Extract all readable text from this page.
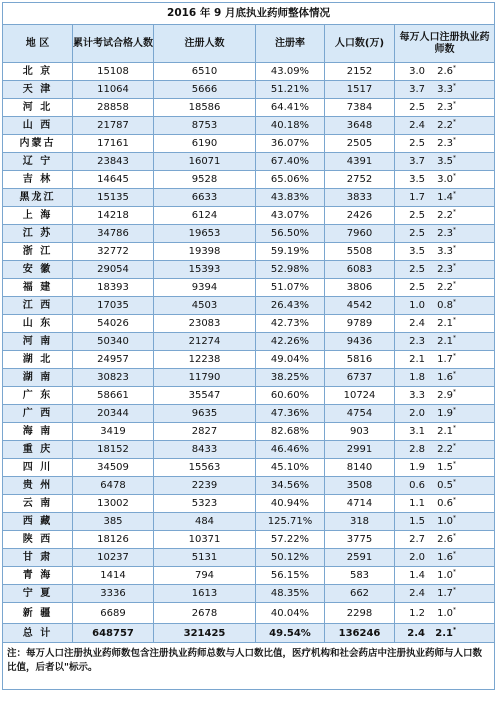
2016 年 9 月底执业药师整体情况					
地 区	累计考试合格人数	注册人数	注册率	人口数(万)	每万人口注册执业药师数
北 京	15108	6510	43.09%	2152	3.0 2.6*
天 津	11064	5666	51.21%	1517	3.7 3.3*
河 北	28858	18586	64.41%	7384	2.5 2.3*
山 西	21787	8753	40.18%	3648	2.4 2.2*
内蒙古	17161	6190	36.07%	2505	2.5 2.3*
辽 宁	23843	16071	67.40%	4391	3.7 3.5*
吉 林	14645	9528	65.06%	2752	3.5 3.0*
黑龙江	15135	6633	43.83%	3833	1.7 1.4*
上 海	14218	6124	43.07%	2426	2.5 2.2*
江 苏	34786	19653	56.50%	7960	2.5 2.3*
浙 江	32772	19398	59.19%	5508	3.5 3.3*
安 徽	29054	15393	52.98%	6083	2.5 2.3*
福 建	18393	9394	51.07%	3806	2.5 2.2*
江 西	17035	4503	26.43%	4542	1.0 0.8*
山 东	54026	23083	42.73%	9789	2.4 2.1*
河 南	50340	21274	42.26%	9436	2.3 2.1*
湖 北	24957	12238	49.04%	5816	2.1 1.7*
湖 南	30823	11790	38.25%	6737	1.8 1.6*
广 东	58661	35547	60.60%	10724	3.3 2.9*
广 西	20344	9635	47.36%	4754	2.0 1.9*
海 南	3419	2827	82.68%	903	3.1 2.1*
重 庆	18152	8433	46.46%	2991	2.8 2.2*
四 川	34509	15563	45.10%	8140	1.9 1.5*
贵 州	6478	2239	34.56%	3508	0.6 0.5*
云 南	13002	5323	40.94%	4714	1.1 0.6*
西 藏	385	484	125.71%	318	1.5 1.0*
陕 西	18126	10371	57.22%	3775	2.7 2.6*
甘 肃	10237	5131	50.12%	2591	2.0 1.6*
青 海	1414	794	56.15%	583	1.4 1.0*
宁 夏	3336	1613	48.35%	662	2.4 1.7*
新 疆	6689	2678	40.04%	2298	1.2 1.0*
总 计	648757	321425	49.54%	136246	2.4 2.1*
注：每万人口注册执业药师数包含注册执业药师总数与人口数比值，医疗机构和社会药店中注册执业药师与人口数比值，后者以"标示。					
